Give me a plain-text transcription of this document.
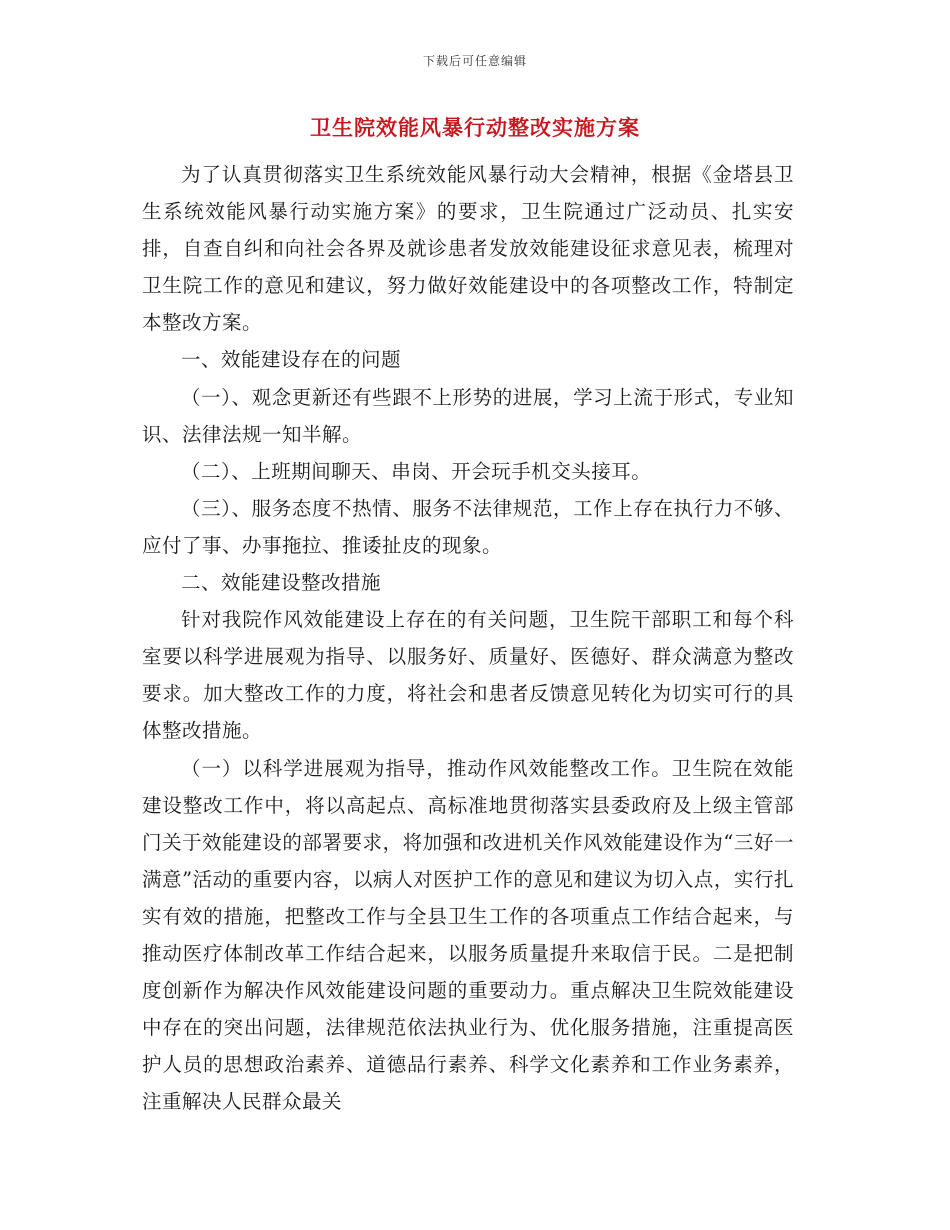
下载后可任意编辑
卫生院效能风暴行动整改实施方案

为了认真贯彻落实卫生系统效能风暴行动大会精神，根据《金塔县卫生系统效能风暴行动实施方案》的要求，卫生院通过广泛动员、扎实安排，自查自纠和向社会各界及就诊患者发放效能建设征求意见表，梳理对卫生院工作的意见和建议，努力做好效能建设中的各项整改工作，特制定本整改方案。

一、效能建设存在的问题

（一）、观念更新还有些跟不上形势的进展，学习上流于形式，专业知识、法律法规一知半解。

（二）、上班期间聊天、串岗、开会玩手机交头接耳。

（三）、服务态度不热情、服务不法律规范，工作上存在执行力不够、应付了事、办事拖拉、推诿扯皮的现象。

二、效能建设整改措施

针对我院作风效能建设上存在的有关问题，卫生院干部职工和每个科室要以科学进展观为指导、以服务好、质量好、医德好、群众满意为整改要求。加大整改工作的力度，将社会和患者反馈意见转化为切实可行的具体整改措施。

（一）以科学进展观为指导，推动作风效能整改工作。卫生院在效能建设整改工作中，将以高起点、高标准地贯彻落实县委政府及上级主管部门关于效能建设的部署要求，将加强和改进机关作风效能建设作为“三好一满意”活动的重要内容，以病人对医护工作的意见和建议为切入点，实行扎实有效的措施，把整改工作与全县卫生工作的各项重点工作结合起来，与推动医疗体制改革工作结合起来，以服务质量提升来取信于民。二是把制度创新作为解决作风效能建设问题的重要动力。重点解决卫生院效能建设中存在的突出问题，法律规范依法执业行为、优化服务措施，注重提高医护人员的思想政治素养、道德品行素养、科学文化素养和工作业务素养，注重解决人民群众最关
